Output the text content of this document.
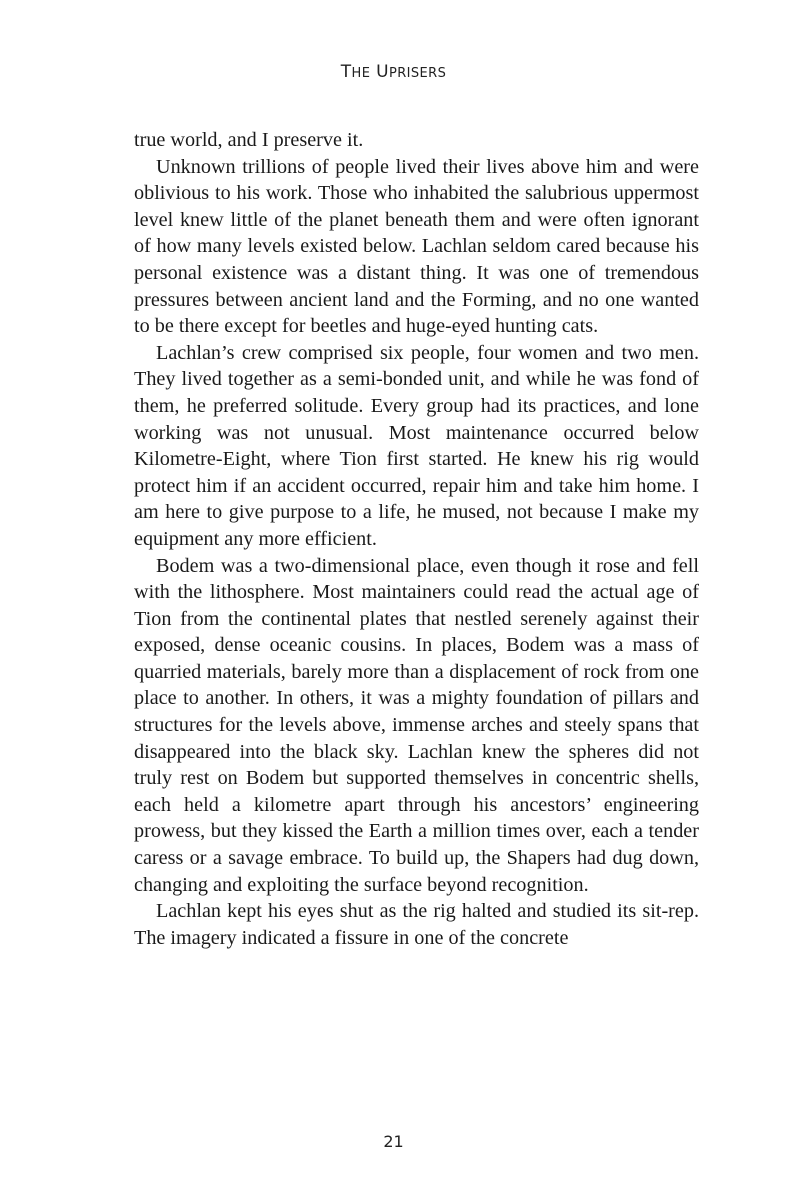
THE UPRISERS

true world, and I preserve it.

Unknown trillions of people lived their lives above him and were oblivious to his work. Those who inhabited the salubrious uppermost level knew little of the planet beneath them and were often ignorant of how many levels existed below. Lachlan seldom cared because his personal existence was a distant thing. It was one of tremendous pressures between ancient land and the Forming, and no one wanted to be there except for beetles and huge-eyed hunting cats.

Lachlan’s crew comprised six people, four women and two men. They lived together as a semi-bonded unit, and while he was fond of them, he preferred solitude. Every group had its practices, and lone working was not unusual. Most maintenance occurred below Kilometre-Eight, where Tion first started. He knew his rig would protect him if an accident occurred, repair him and take him home. I am here to give purpose to a life, he mused, not because I make my equipment any more efficient.

Bodem was a two-dimensional place, even though it rose and fell with the lithosphere. Most maintainers could read the actual age of Tion from the continental plates that nestled serenely against their exposed, dense oceanic cousins. In places, Bodem was a mass of quarried materials, barely more than a displacement of rock from one place to another. In others, it was a mighty foundation of pillars and structures for the levels above, immense arches and steely spans that disappeared into the black sky. Lachlan knew the spheres did not truly rest on Bodem but supported themselves in concentric shells, each held a kilometre apart through his ancestors’ engineering prowess, but they kissed the Earth a million times over, each a tender caress or a savage embrace. To build up, the Shapers had dug down, changing and exploiting the surface beyond recognition.

Lachlan kept his eyes shut as the rig halted and studied its sit-rep. The imagery indicated a fissure in one of the concrete

21
